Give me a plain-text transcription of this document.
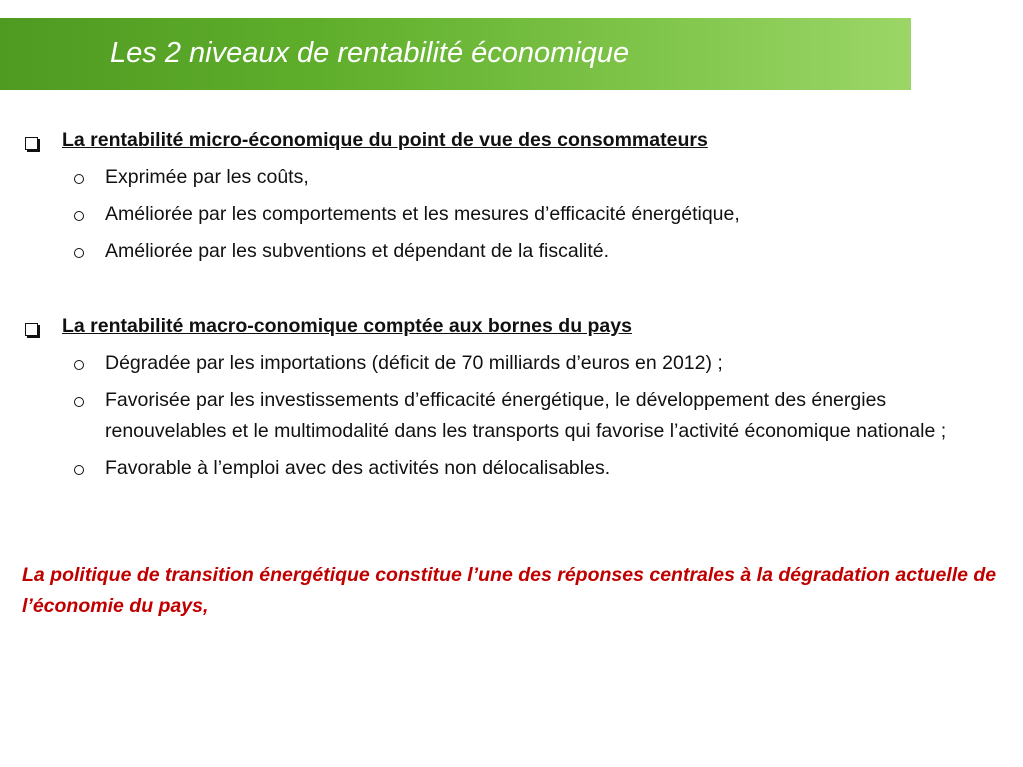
Les 2 niveaux de rentabilité économique
La rentabilité micro-économique du point de vue des consommateurs
Exprimée par les coûts,
Améliorée par les comportements et les mesures d’efficacité énergétique,
Améliorée par les subventions et dépendant de la fiscalité.
La rentabilité macro-conomique comptée aux bornes du pays
Dégradée par les importations (déficit de 70 milliards d’euros en 2012) ;
Favorisée par les investissements d’efficacité énergétique, le développement des énergies renouvelables et le multimodalité dans les transports qui favorise l’activité économique nationale ;
Favorable à l’emploi avec des activités non délocalisables.
La politique de transition énergétique constitue l’une des réponses centrales à la dégradation actuelle de l’économie du pays,
